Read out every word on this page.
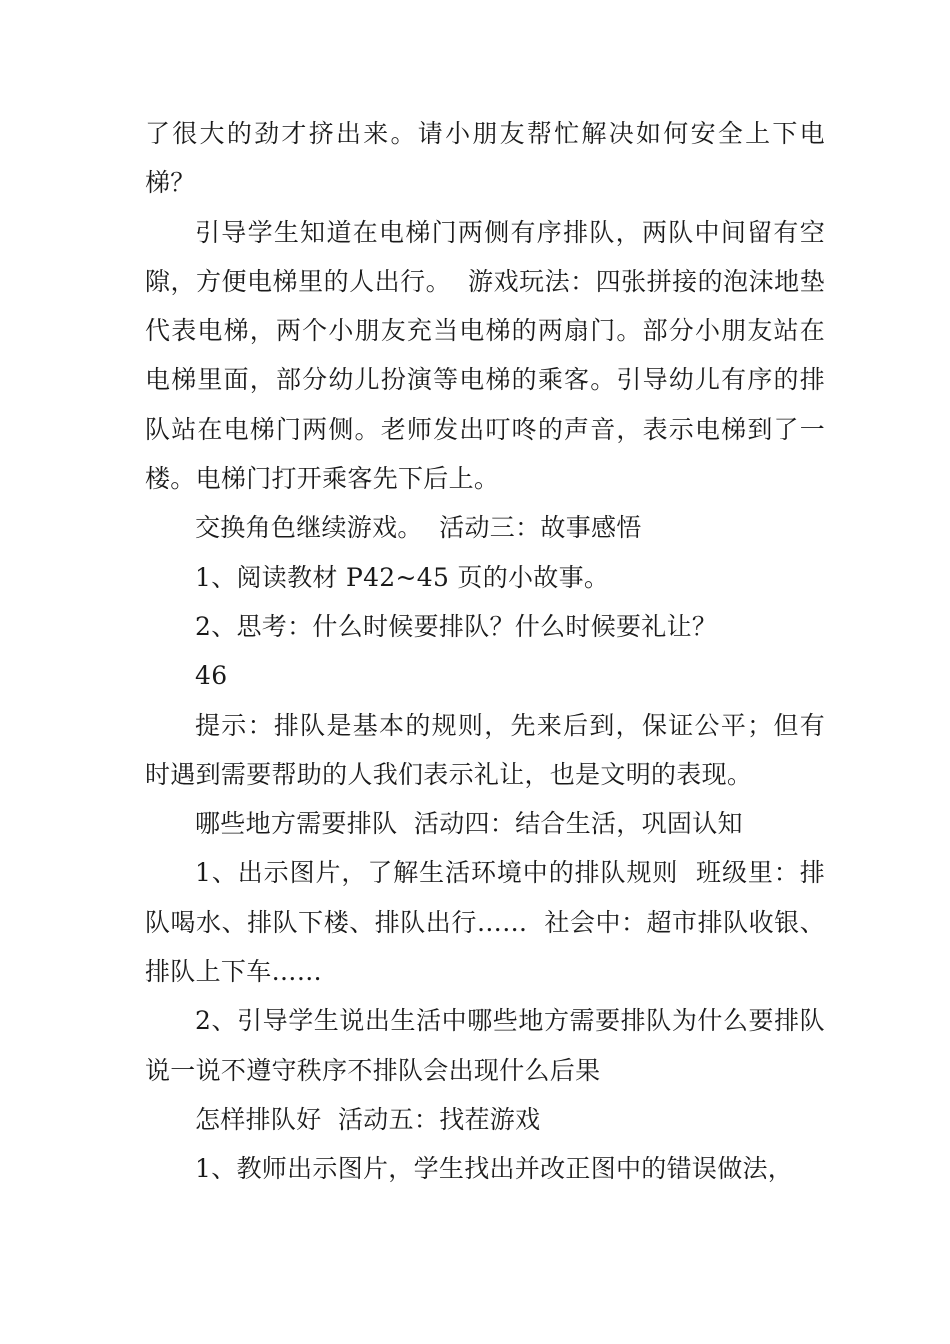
了很大的劲才挤出来。请小朋友帮忙解决如何安全上下电梯？

引导学生知道在电梯门两侧有序排队，两队中间留有空隙，方便电梯里的人出行。  游戏玩法：四张拼接的泡沫地垫代表电梯，两个小朋友充当电梯的两扇门。部分小朋友站在电梯里面，部分幼儿扮演等电梯的乘客。引导幼儿有序的排队站在电梯门两侧。老师发出叮咚的声音，表示电梯到了一楼。电梯门打开乘客先下后上。

交换角色继续游戏。  活动三：故事感悟

1、阅读教材 P42~45 页的小故事。

2、思考：什么时候要排队？什么时候要礼让？

46

提示：排队是基本的规则，先来后到，保证公平；但有时遇到需要帮助的人我们表示礼让，也是文明的表现。

哪些地方需要排队  活动四：结合生活，巩固认知

1、出示图片，了解生活环境中的排队规则  班级里：排队喝水、排队下楼、排队出行……  社会中：超市排队收银、排队上下车……

2、引导学生说出生活中哪些地方需要排队为什么要排队说一说不遵守秩序不排队会出现什么后果

怎样排队好  活动五：找茬游戏

1、教师出示图片，学生找出并改正图中的错误做法，
